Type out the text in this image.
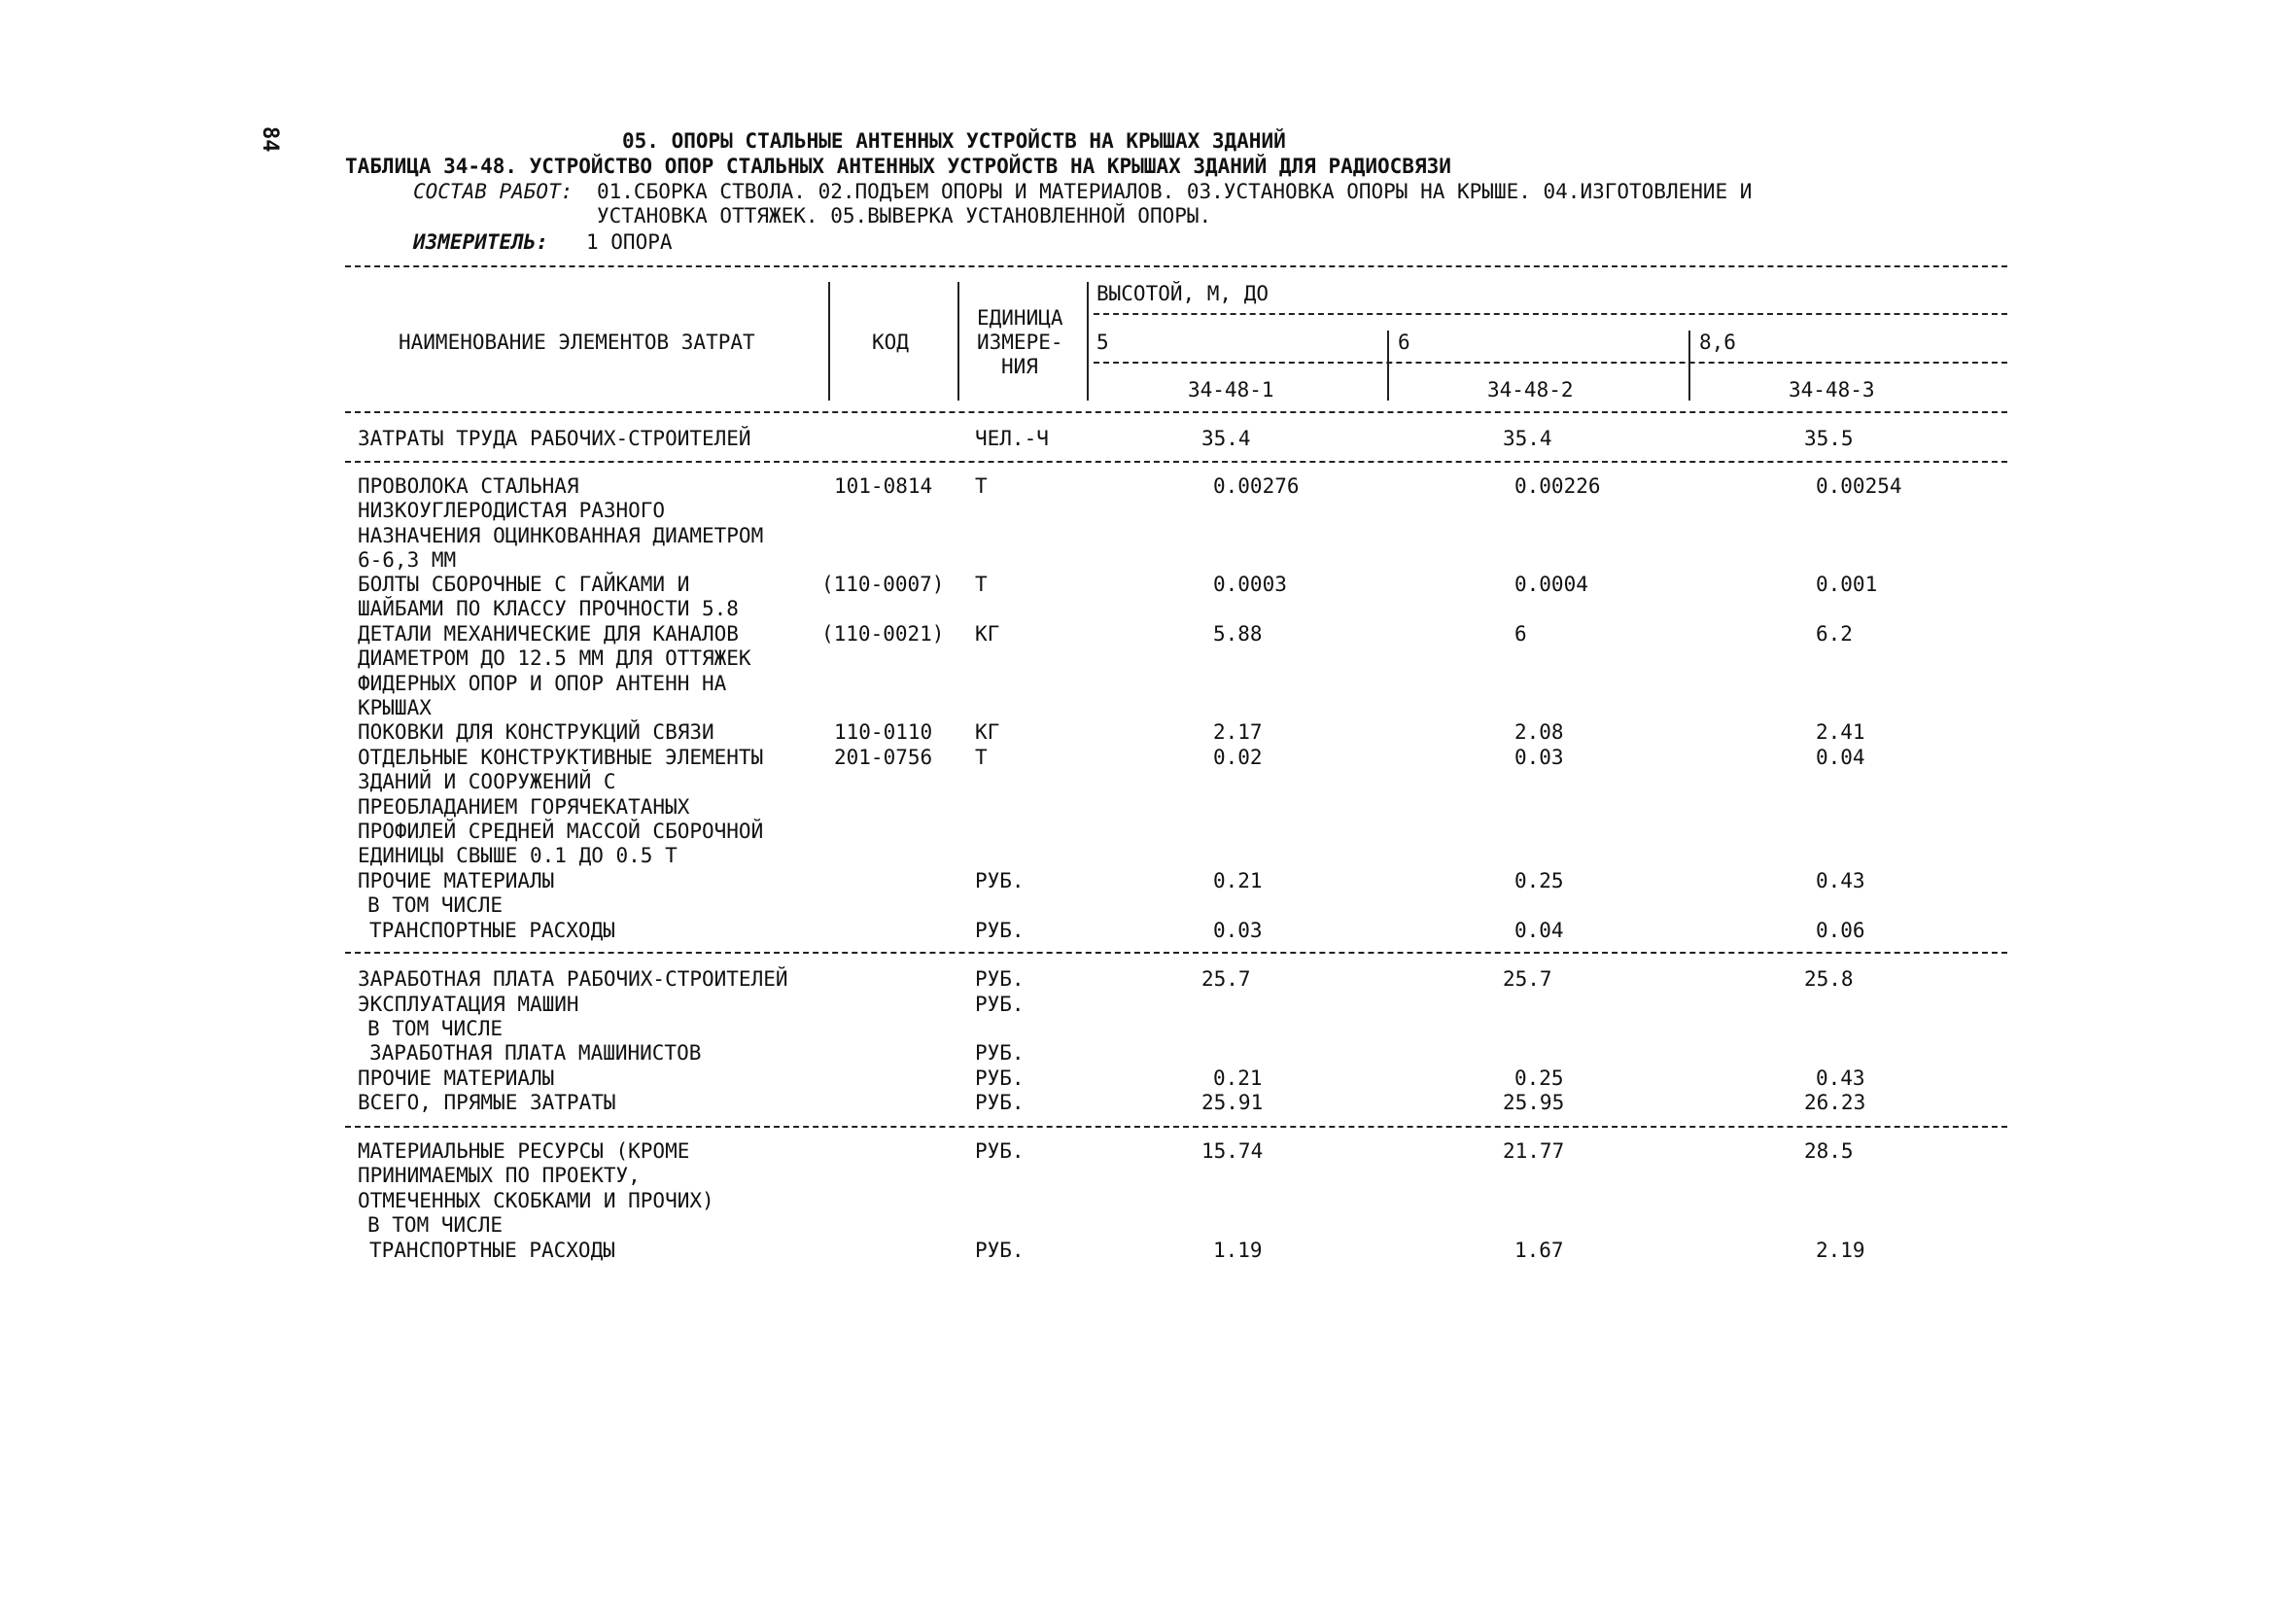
84	05. ОПОРЫ СТАЛЬНЫЕ АНТЕННЫХ УСТРОЙСТВ НА КРЫШАХ ЗДАНИЙ
ТАБЛИЦА 34-48. УСТРОЙСТВО ОПОР СТАЛЬНЫХ АНТЕННЫХ УСТРОЙСТВ НА КРЫШАХ ЗДАНИЙ ДЛЯ РАДИОСВЯЗИ
СОСТАВ РАБОТ: 01.СБОРКА СТВОЛА. 02.ПОДЪЕМ ОПОРЫ И МАТЕРИАЛОВ. 03.УСТАНОВКА ОПОРЫ НА КРЫШЕ. 04.ИЗГОТОВЛЕНИЕ И
УСТАНОВКА ОТТЯЖЕК. 05.ВЫВЕРКА УСТАНОВЛЕННОЙ ОПОРЫ.
ИЗМЕРИТЕЛЬ: 1 ОПОРА
НАИМЕНОВАНИЕ ЭЛЕМЕНТОВ ЗАТРАТ	КОД
ЕДИНИЦА
ИЗМЕРЕ-
НИЯ
ВЫСОТОЙ, М, ДО
5	6	8,6
34-48-1	34-48-2	34-48-3
ЗАТРАТЫ ТРУДА РАБОЧИХ-СТРОИТЕЛЕЙ	ЧЕЛ.-Ч	35.4	35.4	35.5
ПРОВОЛОКА СТАЛЬНАЯ
НИЗКОУГЛЕРОДИСТАЯ РАЗНОГО
НАЗНАЧЕНИЯ ОЦИНКОВАННАЯ ДИАМЕТРОМ
6-6,3 ММ
101-0814 Т	0.00276	0.00226	0.00254
БОЛТЫ СБОРОЧНЫЕ С ГАЙКАМИ И
ШАЙБАМИ ПО КЛАССУ ПРОЧНОСТИ 5.8
(110-0007) Т	0.0003	0.0004	0.001
ДЕТАЛИ МЕХАНИЧЕСКИЕ ДЛЯ КАНАЛОВ
ДИАМЕТРОМ ДО 12.5 ММ ДЛЯ ОТТЯЖЕК
ФИДЕРНЫХ ОПОР И ОПОР АНТЕНН НА
КРЫШАХ
(110-0021) КГ	5.88	6	6.2
ПОКОВКИ ДЛЯ КОНСТРУКЦИЙ СВЯЗИ	110-0110 КГ	2.17	2.08	2.41
ОТДЕЛЬНЫЕ КОНСТРУКТИВНЫЕ ЭЛЕМЕНТЫ
ЗДАНИЙ И СООРУЖЕНИЙ С
ПРЕОБЛАДАНИЕМ ГОРЯЧЕКАТАНЫХ
ПРОФИЛЕЙ СРЕДНЕЙ МАССОЙ СБОРОЧНОЙ
ЕДИНИЦЫ СВЫШЕ 0.1 ДО 0.5 Т
201-0756 Т	0.02	0.03	0.04
ПРОЧИЕ МАТЕРИАЛЫ	РУБ.	0.21	0.25	0.43
В ТОМ ЧИСЛЕ
ТРАНСПОРТНЫЕ РАСХОДЫ	РУБ.	0.03	0.04	0.06
ЗАРАБОТНАЯ ПЛАТА РАБОЧИХ-СТРОИТЕЛЕЙ	РУБ.	25.7	25.7	25.8
ЭКСПЛУАТАЦИЯ МАШИН	РУБ.
В ТОМ ЧИСЛЕ
ЗАРАБОТНАЯ ПЛАТА МАШИНИСТОВ	РУБ.
ПРОЧИЕ МАТЕРИАЛЫ	РУБ.	0.21	0.25	0.43
ВСЕГО, ПРЯМЫЕ ЗАТРАТЫ	РУБ.	25.91	25.95	26.23
МАТЕРИАЛЬНЫЕ РЕСУРСЫ (КРОМЕ
ПРИНИМАЕМЫХ ПО ПРОЕКТУ,
ОТМЕЧЕННЫХ СКОБКАМИ И ПРОЧИХ)
РУБ.	15.74	21.77	28.5
В ТОМ ЧИСЛЕ
ТРАНСПОРТНЫЕ РАСХОДЫ	РУБ.	1.19	1.67	2.19
